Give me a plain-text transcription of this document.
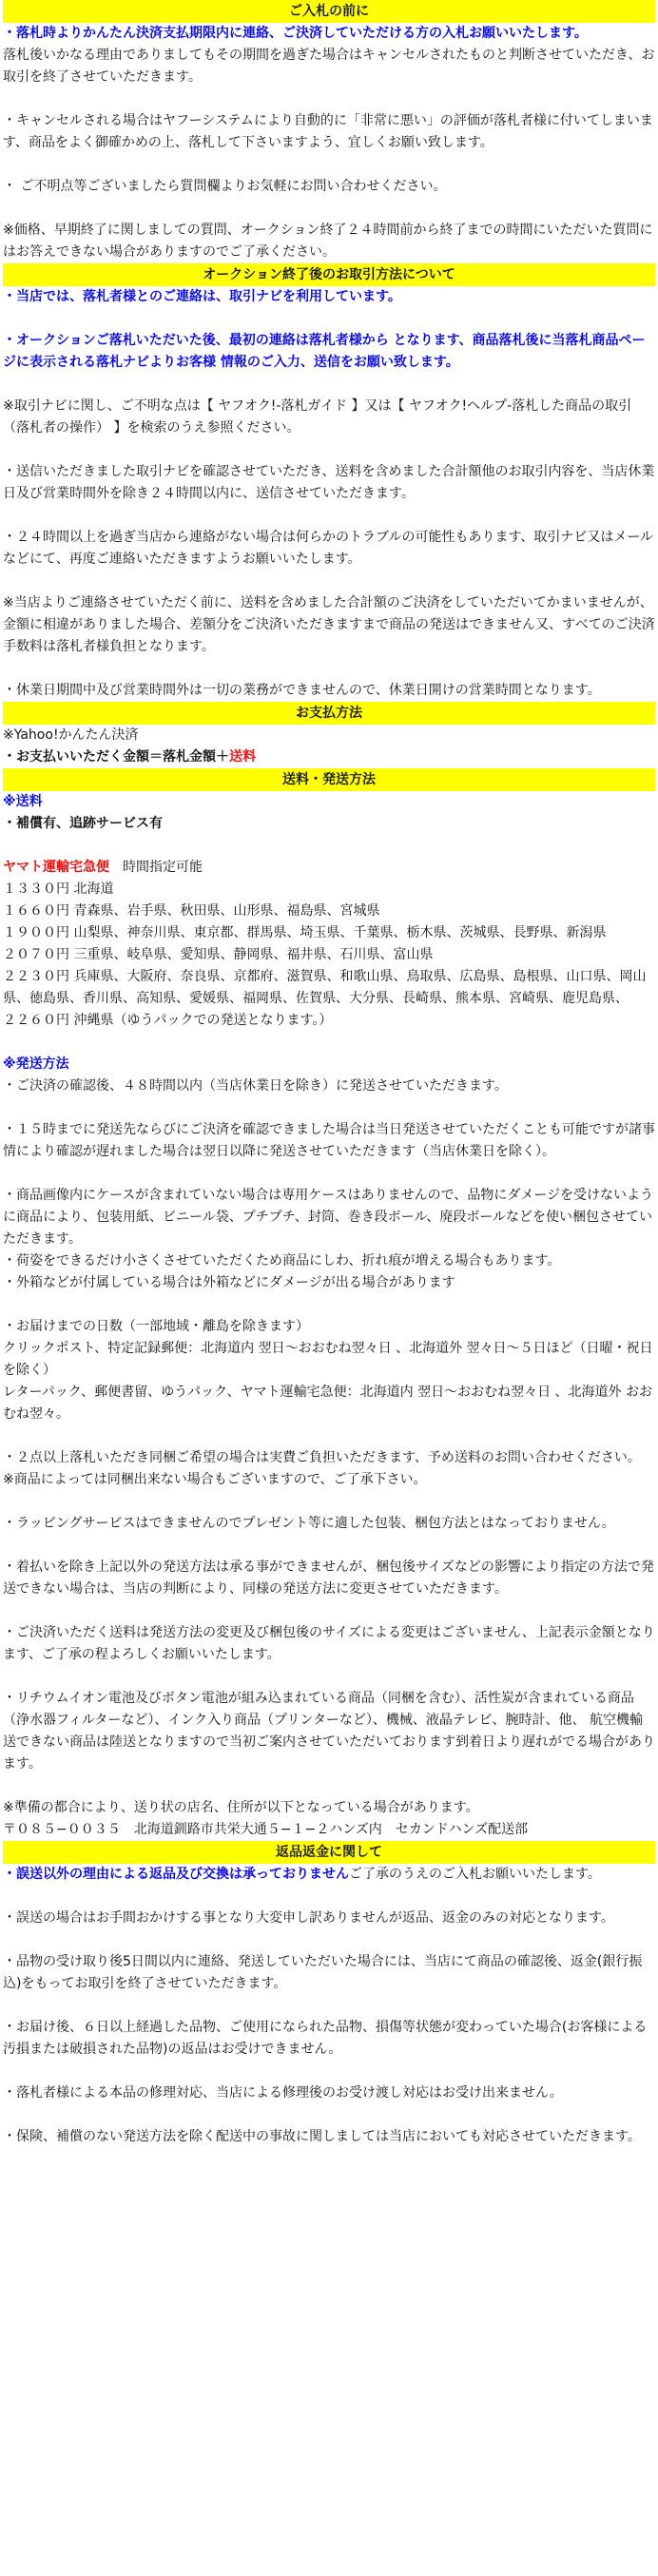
ご入札の前に
・落札時よりかんたん決済支払期限内に連絡、ご決済していただける方の入札お願いいたします。
落札後いかなる理由でありましてもその期間を過ぎた場合はキャンセルされたものと判断させていただき、お取引を終了させていただきます。
・キャンセルされる場合はヤフーシステムにより自動的に「非常に悪い」の評価が落札者様に付いてしまいます、商品をよく御確かめの上、落札して下さいますよう、宜しくお願い致します。
・ ご不明点等ございましたら質問欄よりお気軽にお問い合わせください。
※価格、早期終了に関しましての質問、オークション終了２４時間前から終了までの時間にいただいた質問にはお答えできない場合がありますのでご了承ください。
オークション終了後のお取引方法について
・当店では、落札者様とのご連絡は、取引ナビを利用しています。
・オークションご落札いただいた後、最初の連絡は落札者様から となります、商品落札後に当落札商品ページに表示される落札ナビよりお客様 情報のご入力、送信をお願い致します。
※取引ナビに関し、ご不明な点は【 ヤフオク!-落札ガイド 】又は【 ヤフオク!ヘルプ-落札した商品の取引（落札者の操作） 】を検索のうえ参照ください。
・送信いただきました取引ナビを確認させていただき、送料を含めました合計額他のお取引内容を、当店休業日及び営業時間外を除き２４時間以内に、送信させていただきます。
・２４時間以上を過ぎ当店から連絡がない場合は何らかのトラブルの可能性もあります、取引ナビ又はメールなどにて、再度ご連絡いただきますようお願いいたします。
※当店よりご連絡させていただく前に、送料を含めました合計額のご決済をしていただいてかまいませんが、金額に相違がありました場合、差額分をご決済いただきますまで商品の発送はできません又、すべてのご決済手数料は落札者様負担となります。
・休業日期間中及び営業時間外は一切の業務ができませんので、休業日開けの営業時間となります。
お支払方法
※Yahoo!かんたん決済
・お支払いいただく金額＝落札金額＋送料
送料・発送方法
※送料
・補償有、追跡サービス有
ヤマト運輸宅急便　時間指定可能
１３３０円 北海道
１６６０円 青森県、岩手県、秋田県、山形県、福島県、宮城県
１９００円 山梨県、神奈川県、東京都、群馬県、埼玉県、千葉県、栃木県、茨城県、長野県、新潟県
２０７０円 三重県、岐阜県、愛知県、静岡県、福井県、石川県、富山県
２２３０円 兵庫県、大阪府、奈良県、京都府、滋賀県、和歌山県、鳥取県、広島県、島根県、山口県、岡山県、徳島県、香川県、高知県、愛媛県、福岡県、佐賀県、大分県、長崎県、熊本県、宮崎県、鹿児島県、
２２６０円 沖縄県（ゆうパックでの発送となります。）
※発送方法
・ご決済の確認後、４８時間以内（当店休業日を除き）に発送させていただきます。
・１５時までに発送先ならびにご決済を確認できました場合は当日発送させていただくことも可能ですが諸事情により確認が遅れました場合は翌日以降に発送させていただきます（当店休業日を除く）。
・商品画像内にケースが含まれていない場合は専用ケースはありませんので、品物にダメージを受けないように商品により、包装用紙、ビニール袋、プチプチ、封筒、巻き段ボール、廃段ボールなどを使い梱包させていただきます。
・荷姿をできるだけ小さくさせていただくため商品にしわ、折れ痕が増える場合もあります。
・外箱などが付属している場合は外箱などにダメージが出る場合があります
・お届けまでの日数（一部地域・離島を除きます）
クリックポスト、特定記録郵便：北海道内 翌日〜おおむね翌々日 、北海道外 翌々日〜５日ほど（日曜・祝日を除く）
レターパック、郵便書留、ゆうパック、ヤマト運輸宅急便：北海道内 翌日〜おおむね翌々日 、北海道外 おおむね翌々。
・２点以上落札いただき同梱ご希望の場合は実費ご負担いただきます、予め送料のお問い合わせください。
※商品によっては同梱出来ない場合もございますので、ご了承下さい。
・ラッピングサービスはできませんのでプレゼント等に適した包装、梱包方法とはなっておりません。
・着払いを除き上記以外の発送方法は承る事ができませんが、梱包後サイズなどの影響により指定の方法で発送できない場合は、当店の判断により、同様の発送方法に変更させていただきます。
・ご決済いただく送料は発送方法の変更及び梱包後のサイズによる変更はございません、上記表示金額となります、ご了承の程よろしくお願いいたします。
・リチウムイオン電池及びボタン電池が組み込まれている商品（同梱を含む）、活性炭が含まれている商品（浄水器フィルターなど）、インク入り商品（プリンターなど）、機械、液晶テレビ、腕時計、他、 航空機輸送できない商品は陸送となりますので当初ご案内させていただいております到着日より遅れがでる場合があります。
※準備の都合により、送り状の店名、住所が以下となっている場合があります。
〒０８５−００３５　北海道釧路市共栄大通５−１−２ハンズ内　セカンドハンズ配送部
返品返金に関して
・誤送以外の理由による返品及び交換は承っておりませんご了承のうえのご入札お願いいたします。
・誤送の場合はお手間おかけする事となり大変申し訳ありませんが返品、返金のみの対応となります。
・品物の受け取り後5日間以内に連絡、発送していただいた場合には、当店にて商品の確認後、返金(銀行振込)をもってお取引を終了させていただきます。
・お届け後、６日以上経過した品物、ご使用になられた品物、損傷等状態が変わっていた場合(お客様による汚損または破損された品物)の返品はお受けできません。
・落札者様による本品の修理対応、当店による修理後のお受け渡し対応はお受け出来ません。
・保険、補償のない発送方法を除く配送中の事故に関しましては当店においても対応させていただきます。
